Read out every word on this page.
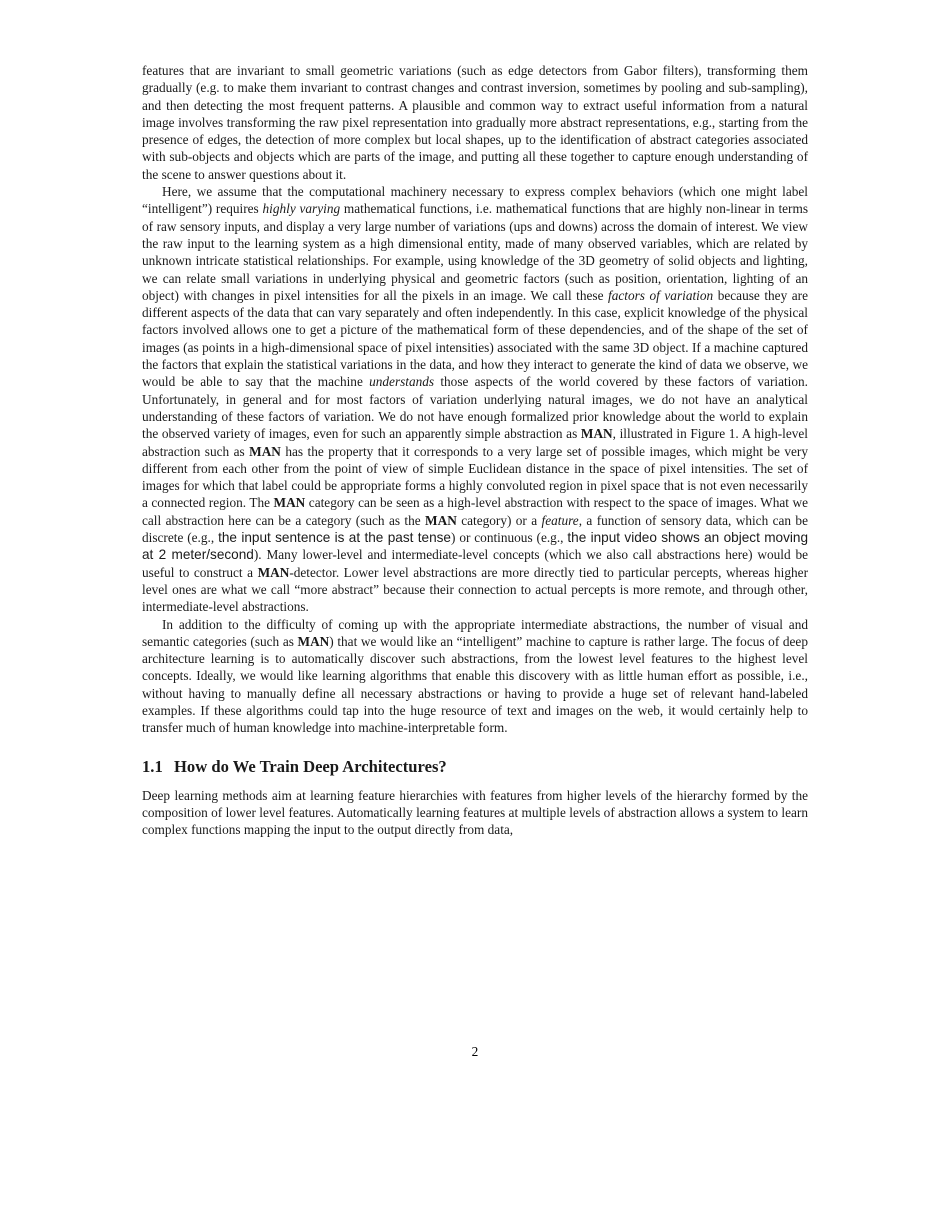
features that are invariant to small geometric variations (such as edge detectors from Gabor filters), transforming them gradually (e.g. to make them invariant to contrast changes and contrast inversion, sometimes by pooling and sub-sampling), and then detecting the most frequent patterns. A plausible and common way to extract useful information from a natural image involves transforming the raw pixel representation into gradually more abstract representations, e.g., starting from the presence of edges, the detection of more complex but local shapes, up to the identification of abstract categories associated with sub-objects and objects which are parts of the image, and putting all these together to capture enough understanding of the scene to answer questions about it.

Here, we assume that the computational machinery necessary to express complex behaviors (which one might label “intelligent”) requires highly varying mathematical functions, i.e. mathematical functions that are highly non-linear in terms of raw sensory inputs, and display a very large number of variations (ups and downs) across the domain of interest. We view the raw input to the learning system as a high dimensional entity, made of many observed variables, which are related by unknown intricate statistical relationships. For example, using knowledge of the 3D geometry of solid objects and lighting, we can relate small variations in underlying physical and geometric factors (such as position, orientation, lighting of an object) with changes in pixel intensities for all the pixels in an image. We call these factors of variation because they are different aspects of the data that can vary separately and often independently. In this case, explicit knowledge of the physical factors involved allows one to get a picture of the mathematical form of these dependencies, and of the shape of the set of images (as points in a high-dimensional space of pixel intensities) associated with the same 3D object. If a machine captured the factors that explain the statistical variations in the data, and how they interact to generate the kind of data we observe, we would be able to say that the machine understands those aspects of the world covered by these factors of variation. Unfortunately, in general and for most factors of variation underlying natural images, we do not have an analytical understanding of these factors of variation. We do not have enough formalized prior knowledge about the world to explain the observed variety of images, even for such an apparently simple abstraction as MAN, illustrated in Figure 1. A high-level abstraction such as MAN has the property that it corresponds to a very large set of possible images, which might be very different from each other from the point of view of simple Euclidean distance in the space of pixel intensities. The set of images for which that label could be appropriate forms a highly convoluted region in pixel space that is not even necessarily a connected region. The MAN category can be seen as a high-level abstraction with respect to the space of images. What we call abstraction here can be a category (such as the MAN category) or a feature, a function of sensory data, which can be discrete (e.g., the input sentence is at the past tense) or continuous (e.g., the input video shows an object moving at 2 meter/second). Many lower-level and intermediate-level concepts (which we also call abstractions here) would be useful to construct a MAN-detector. Lower level abstractions are more directly tied to particular percepts, whereas higher level ones are what we call “more abstract” because their connection to actual percepts is more remote, and through other, intermediate-level abstractions.

In addition to the difficulty of coming up with the appropriate intermediate abstractions, the number of visual and semantic categories (such as MAN) that we would like an “intelligent” machine to capture is rather large. The focus of deep architecture learning is to automatically discover such abstractions, from the lowest level features to the highest level concepts. Ideally, we would like learning algorithms that enable this discovery with as little human effort as possible, i.e., without having to manually define all necessary abstractions or having to provide a huge set of relevant hand-labeled examples. If these algorithms could tap into the huge resource of text and images on the web, it would certainly help to transfer much of human knowledge into machine-interpretable form.

1.1 How do We Train Deep Architectures?

Deep learning methods aim at learning feature hierarchies with features from higher levels of the hierarchy formed by the composition of lower level features. Automatically learning features at multiple levels of abstraction allows a system to learn complex functions mapping the input to the output directly from data,

2
